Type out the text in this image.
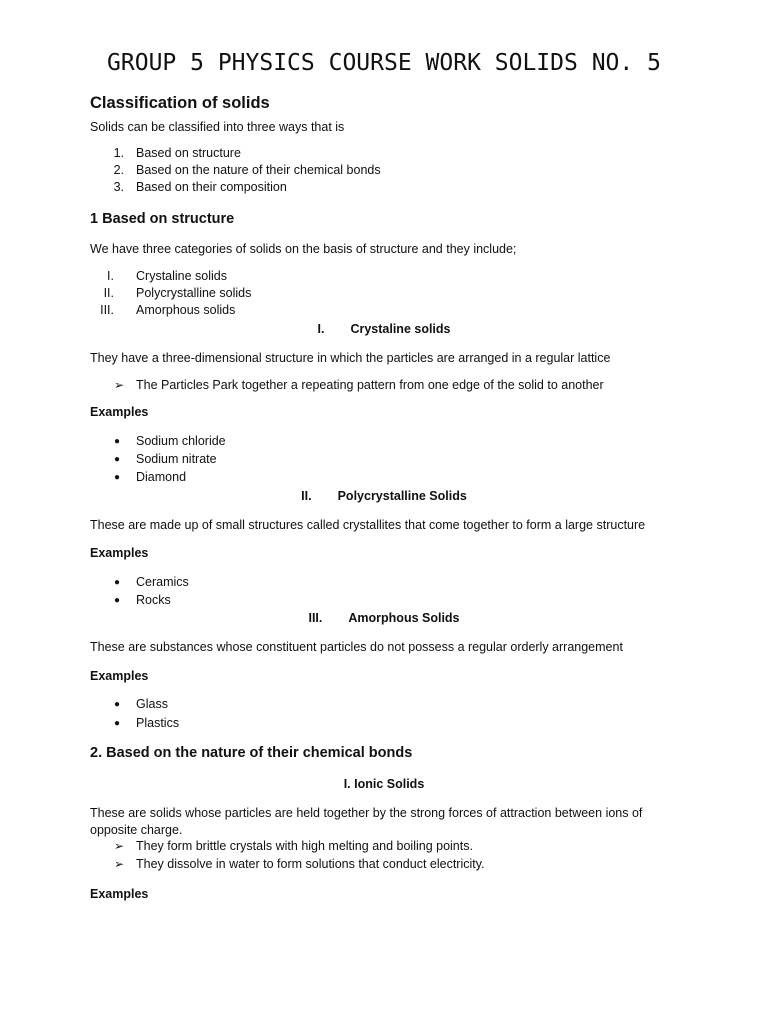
GROUP 5 PHYSICS COURSE WORK SOLIDS NO. 5
Classification of solids
Solids can be classified into three ways that is
1. Based on structure
2. Based on the nature of their chemical bonds
3. Based on their composition
1 Based on structure
We have three categories of solids on the basis of structure and they include;
I. Crystaline solids
II. Polycrystalline solids
III. Amorphous solids
I. Crystaline solids
They have a three-dimensional structure in which the particles are arranged in a regular lattice
➢ The Particles Park together a repeating pattern from one edge of the solid to another
Examples
● Sodium chloride
● Sodium nitrate
● Diamond
II. Polycrystalline Solids
These are made up of small structures called crystallites that come together to form a large structure
Examples
● Ceramics
● Rocks
III. Amorphous Solids
These are substances whose constituent particles do not possess a regular orderly arrangement
Examples
● Glass
● Plastics
2. Based on the nature of their chemical bonds
I. Ionic Solids
These are solids whose particles are held together by the strong forces of attraction between ions of
opposite charge.
➢ They form brittle crystals with high melting and boiling points.
➢ They dissolve in water to form solutions that conduct electricity.
Examples
